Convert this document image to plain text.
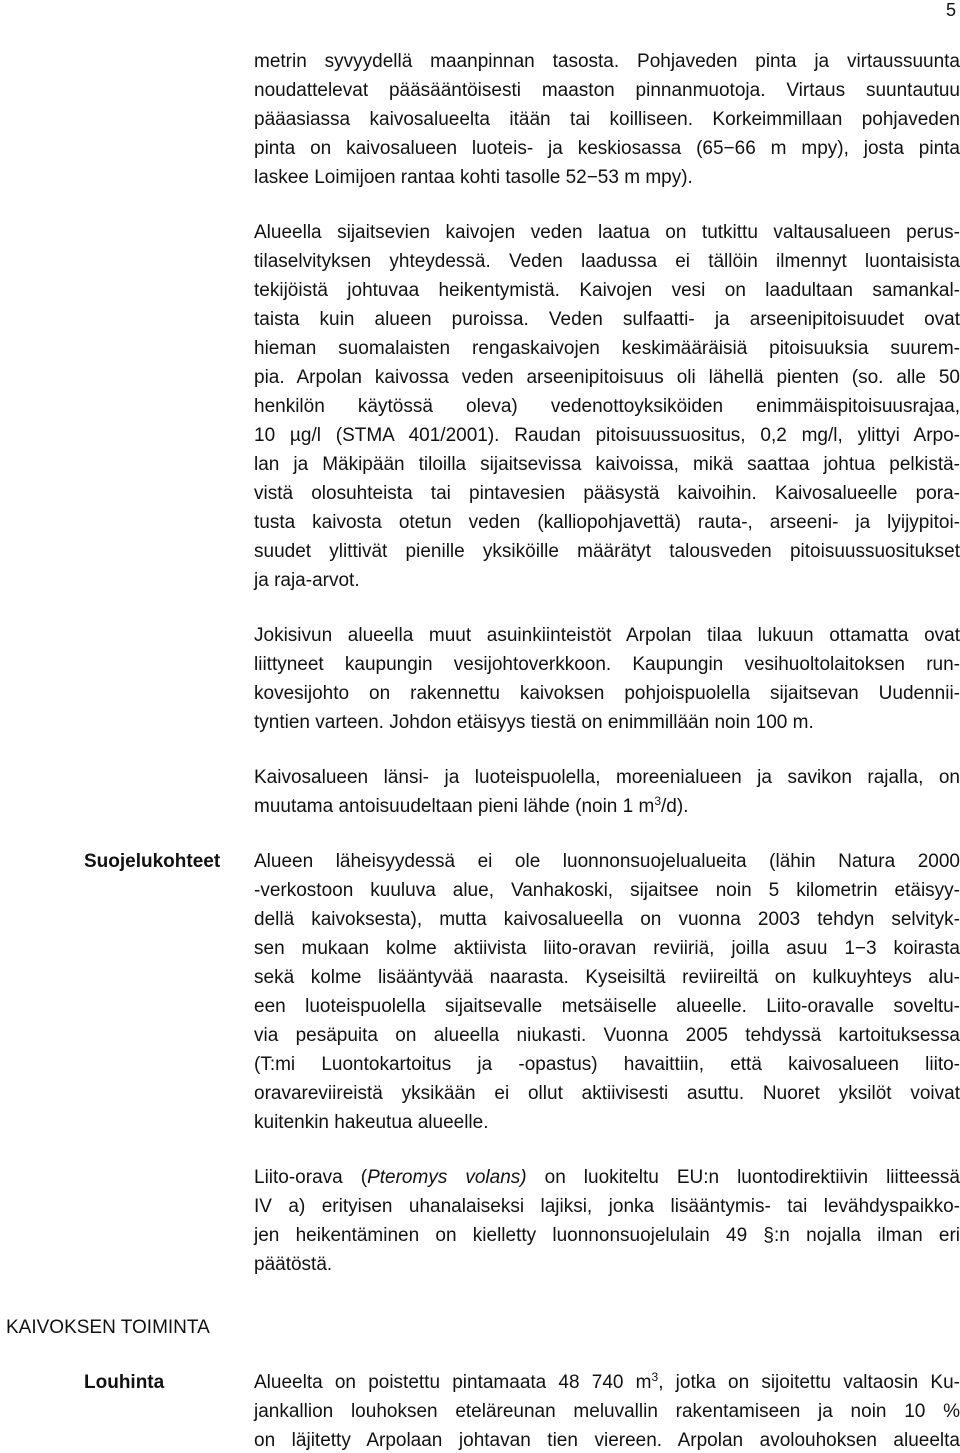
5
metrin syvyydellä maanpinnan tasosta. Pohjaveden pinta ja virtaussuunta
noudattelevat pääsääntöisesti maaston pinnanmuotoja. Virtaus suuntautuu
pääasiassa kaivosalueelta itään tai koilliseen. Korkeimmillaan pohjaveden
pinta on kaivosalueen luoteis- ja keskiosassa (65−66 m mpy), josta pinta
laskee Loimijoen rantaa kohti tasolle 52−53 m mpy).
Alueella sijaitsevien kaivojen veden laatua on tutkittu valtausalueen perus-
tilaselvityksen yhteydessä. Veden laadussa ei tällöin ilmennyt luontaisista
tekijöistä johtuvaa heikentymistä. Kaivojen vesi on laadultaan samankal-
taista kuin alueen puroissa. Veden sulfaatti- ja arseenipitoisuudet ovat
hieman suomalaisten rengaskaivojen keskimääräisiä pitoisuuksia suurem-
pia. Arpolan kaivossa veden arseenipitoisuus oli lähellä pienten (so. alle 50
henkilön käytössä oleva) vedenottoyksiköiden enimmäispitoisuusrajaa,
10 µg/l (STMA 401/2001). Raudan pitoisuussuositus, 0,2 mg/l, ylittyi Arpo-
lan ja Mäkipään tiloilla sijaitsevissa kaivoissa, mikä saattaa johtua pelkistä-
vistä olosuhteista tai pintavesien pääsystä kaivoihin. Kaivosalueelle pora-
tusta kaivosta otetun veden (kalliopohjavettä) rauta-, arseeni- ja lyijypitoi-
suudet ylittivät pienille yksiköille määrätyt talousveden pitoisuussuositukset
ja raja-arvot.
Jokisivun alueella muut asuinkiinteistöt Arpolan tilaa lukuun ottamatta ovat
liittyneet kaupungin vesijohtoverkkoon. Kaupungin vesihuoltolaitoksen run-
kovesijohto on rakennettu kaivoksen pohjoispuolella sijaitsevan Uudennii-
tyntien varteen. Johdon etäisyys tiestä on enimmillään noin 100 m.
Kaivosalueen länsi- ja luoteispuolella, moreenialueen ja savikon rajalla, on
muutama antoisuudeltaan pieni lähde (noin 1 $m^3/d$).
Suojelukohteet Alueen läheisyydessä ei ole luonnonsuojelualueita (lähin Natura 2000
-verkostoon kuuluva alue, Vanhakoski, sijaitsee noin 5 kilometrin etäisyy-
dellä kaivoksesta), mutta kaivosalueella on vuonna 2003 tehdyn selvityk-
sen mukaan kolme aktiivista liito-oravan reviiriä, joilla asuu 1−3 koirasta
sekä kolme lisääntyvää naarasta. Kyseisiltä reviireiltä on kulkuyhteys alu-
een luoteispuolella sijaitsevalle metsäiselle alueelle. Liito-oravalle soveltu-
via pesäpuita on alueella niukasti. Vuonna 2005 tehdyssä kartoituksessa
(T:mi Luontokartoitus ja -opastus) havaittiin, että kaivosalueen liito-
oravareviireistä yksikään ei ollut aktiivisesti asuttu. Nuoret yksilöt voivat
kuitenkin hakeutua alueelle.
Liito-orava (Pteromys volans) on luokiteltu EU:n luontodirektiivin liitteessä
IV a) erityisen uhanalaiseksi lajiksi, jonka lisääntymis- tai levähdyspaikko-
jen heikentäminen on kielletty luonnonsuojelulain 49 §:n nojalla ilman eri
päätöstä.
KAIVOKSEN TOIMINTA
Louhinta	Alueelta on poistettu pintamaata 48 740 $m^3$, jotka on sijoitettu valtaosin Ku-
jankallion louhoksen eteläreunan meluvallin rakentamiseen ja noin 10 %
on läjitetty Arpolaan johtavan tien viereen. Arpolan avolouhoksen alueelta
